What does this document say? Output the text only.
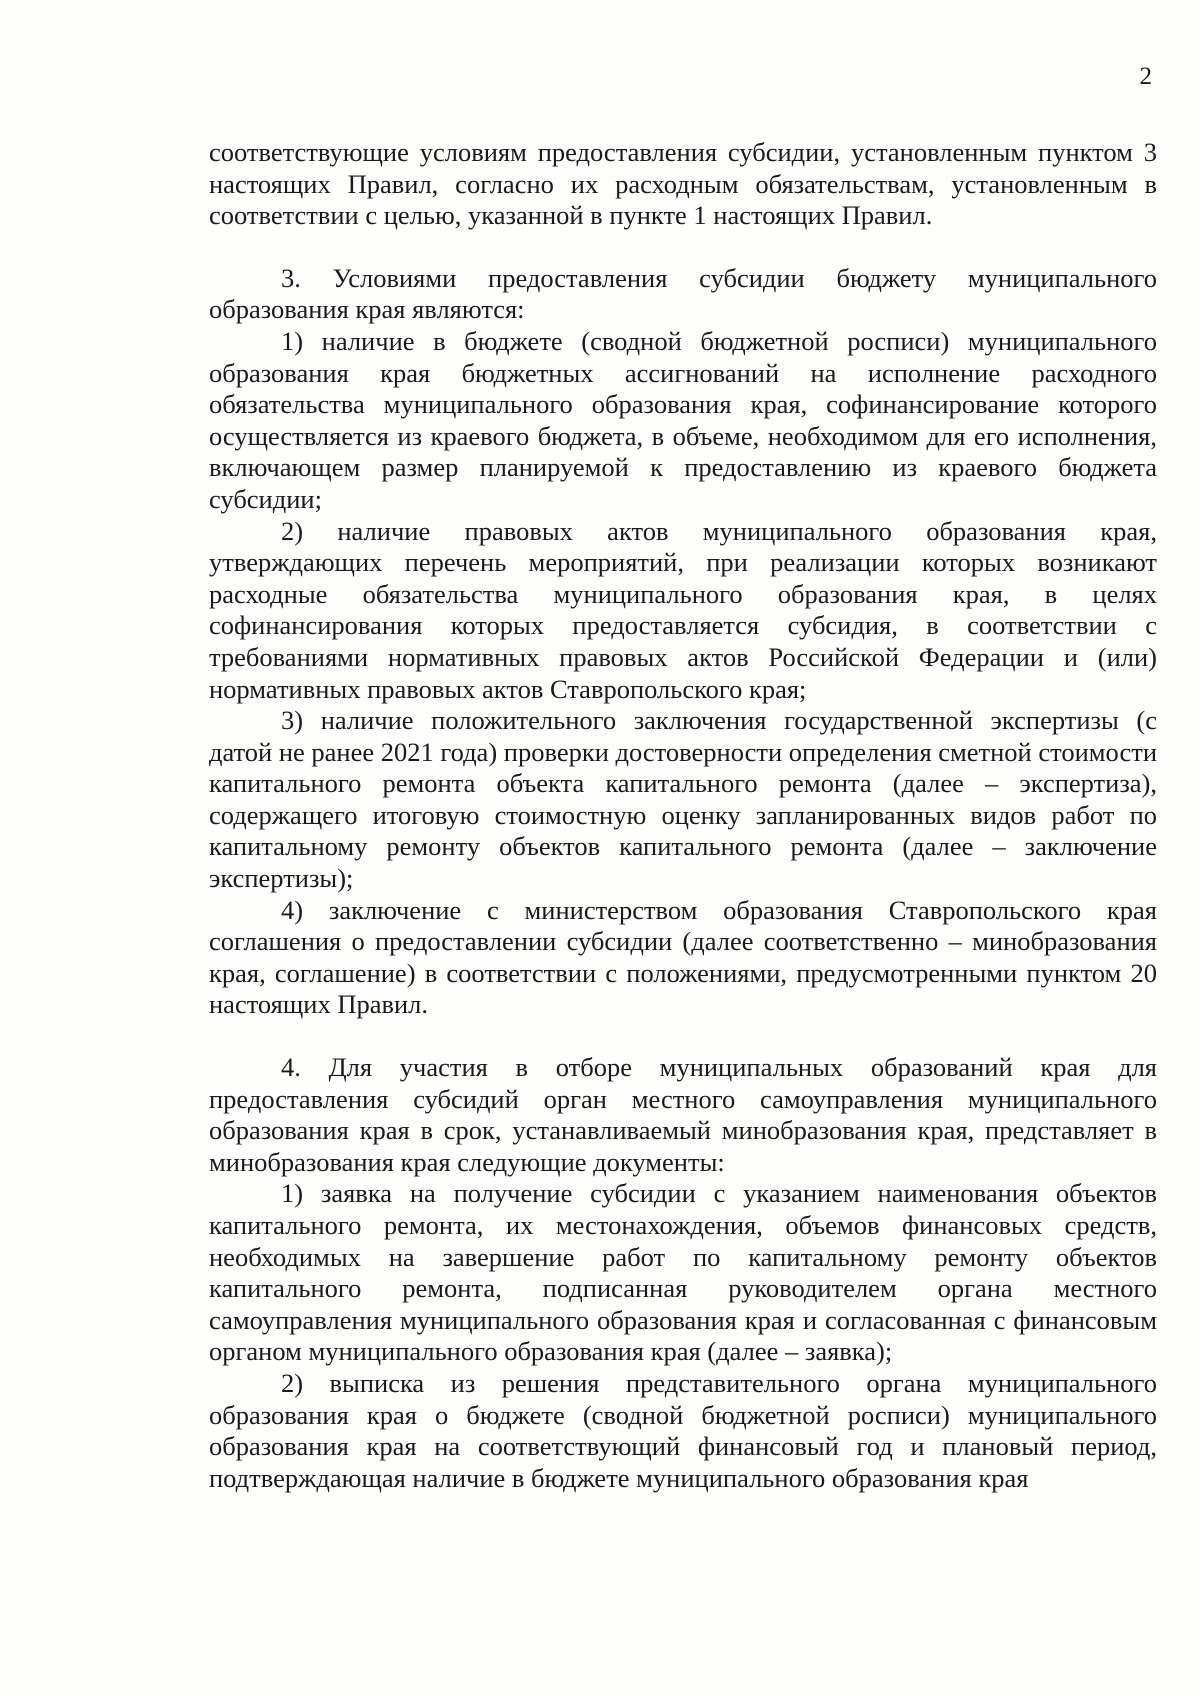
2

соответствующие условиям предоставления субсидии, установленным пунктом 3 настоящих Правил, согласно их расходным обязательствам, установленным в соответствии с целью, указанной в пункте 1 настоящих Правил.

3. Условиями предоставления субсидии бюджету муниципального образования края являются:

1) наличие в бюджете (сводной бюджетной росписи) муниципального образования края бюджетных ассигнований на исполнение расходного обязательства муниципального образования края, софинансирование которого осуществляется из краевого бюджета, в объеме, необходимом для его исполнения, включающем размер планируемой к предоставлению из краевого бюджета субсидии;

2) наличие правовых актов муниципального образования края, утверждающих перечень мероприятий, при реализации которых возникают расходные обязательства муниципального образования края, в целях софинансирования которых предоставляется субсидия, в соответствии с требованиями нормативных правовых актов Российской Федерации и (или) нормативных правовых актов Ставропольского края;

3) наличие положительного заключения государственной экспертизы (с датой не ранее 2021 года) проверки достоверности определения сметной стоимости капитального ремонта объекта капитального ремонта (далее – экспертиза), содержащего итоговую стоимостную оценку запланированных видов работ по капитальному ремонту объектов капитального ремонта (далее – заключение экспертизы);

4) заключение с министерством образования Ставропольского края соглашения о предоставлении субсидии (далее соответственно – минобразования края, соглашение) в соответствии с положениями, предусмотренными пунктом 20 настоящих Правил.

4. Для участия в отборе муниципальных образований края для предоставления субсидий орган местного самоуправления муниципального образования края в срок, устанавливаемый минобразования края, представляет в минобразования края следующие документы:

1) заявка на получение субсидии с указанием наименования объектов капитального ремонта, их местонахождения, объемов финансовых средств, необходимых на завершение работ по капитальному ремонту объектов капитального ремонта, подписанная руководителем органа местного самоуправления муниципального образования края и согласованная с финансовым органом муниципального образования края (далее – заявка);

2) выписка из решения представительного органа муниципального образования края о бюджете (сводной бюджетной росписи) муниципального образования края на соответствующий финансовый год и плановый период, подтверждающая наличие в бюджете муниципального образования края
